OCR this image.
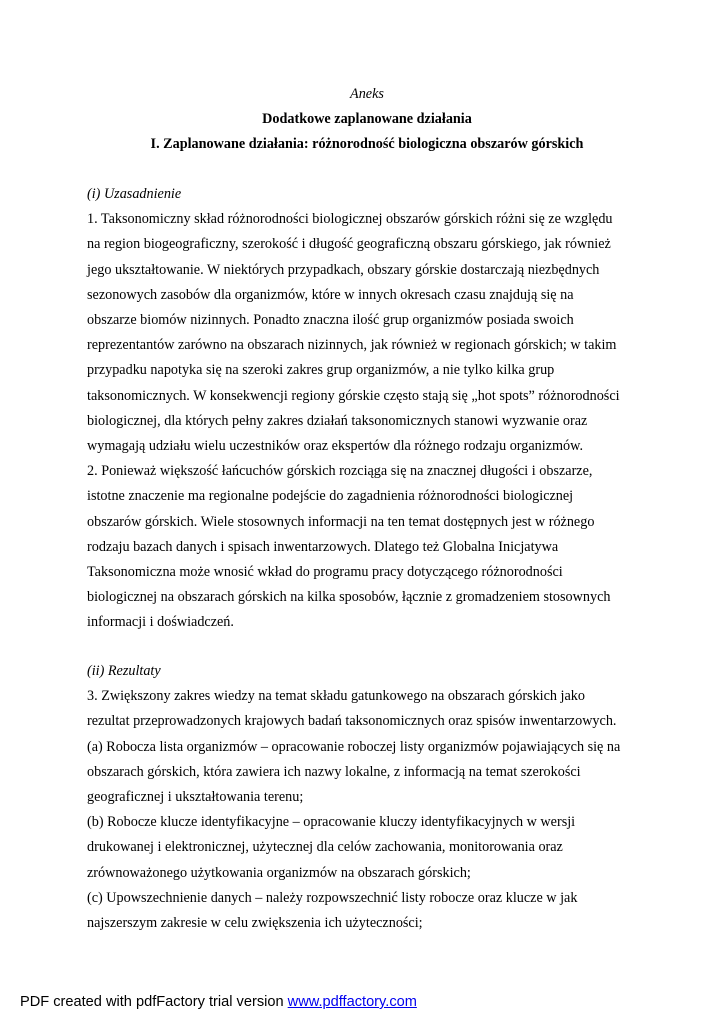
Aneks

Dodatkowe zaplanowane działania

I. Zaplanowane działania: różnorodność biologiczna obszarów górskich

(i) Uzasadnienie

1. Taksonomiczny skład różnorodności biologicznej obszarów górskich różni się ze względu

na region biogeograficzny, szerokość i długość geograficzną obszaru górskiego, jak również

jego ukształtowanie. W niektórych przypadkach, obszary górskie dostarczają niezbędnych

sezonowych zasobów dla organizmów, które w innych okresach czasu znajdują się na

obszarze biomów nizinnych. Ponadto znaczna ilość grup organizmów posiada swoich

reprezentantów zarówno na obszarach nizinnych, jak również w regionach górskich; w takim

przypadku napotyka się na szeroki zakres grup organizmów, a nie tylko kilka grup

taksonomicznych. W konsekwencji regiony górskie często stają się „hot spots” różnorodności

biologicznej, dla których pełny zakres działań taksonomicznych stanowi wyzwanie oraz

wymagają udziału wielu uczestników oraz ekspertów dla różnego rodzaju organizmów.

2. Ponieważ większość łańcuchów górskich rozciąga się na znacznej długości i obszarze,

istotne znaczenie ma regionalne podejście do zagadnienia różnorodności biologicznej

obszarów górskich. Wiele stosownych informacji na ten temat dostępnych jest w różnego

rodzaju bazach danych i spisach inwentarzowych. Dlatego też Globalna Inicjatywa

Taksonomiczna może wnosić wkład do programu pracy dotyczącego różnorodności

biologicznej na obszarach górskich na kilka sposobów, łącznie z gromadzeniem stosownych

informacji i doświadczeń.

(ii) Rezultaty

3. Zwiększony zakres wiedzy na temat składu gatunkowego na obszarach górskich jako

rezultat przeprowadzonych krajowych badań taksonomicznych oraz spisów inwentarzowych.

(a) Robocza lista organizmów – opracowanie roboczej listy organizmów pojawiających się na

obszarach górskich, która zawiera ich nazwy lokalne, z informacją na temat szerokości

geograficznej i ukształtowania terenu;

(b) Robocze klucze identyfikacyjne – opracowanie kluczy identyfikacyjnych w wersji

drukowanej i elektronicznej, użytecznej dla celów zachowania, monitorowania oraz

zrównoważonego użytkowania organizmów na obszarach górskich;

(c) Upowszechnienie danych – należy rozpowszechnić listy robocze oraz klucze w jak

najszerszym zakresie w celu zwiększenia ich użyteczności;

PDF created with pdfFactory trial version www.pdffactory.com
